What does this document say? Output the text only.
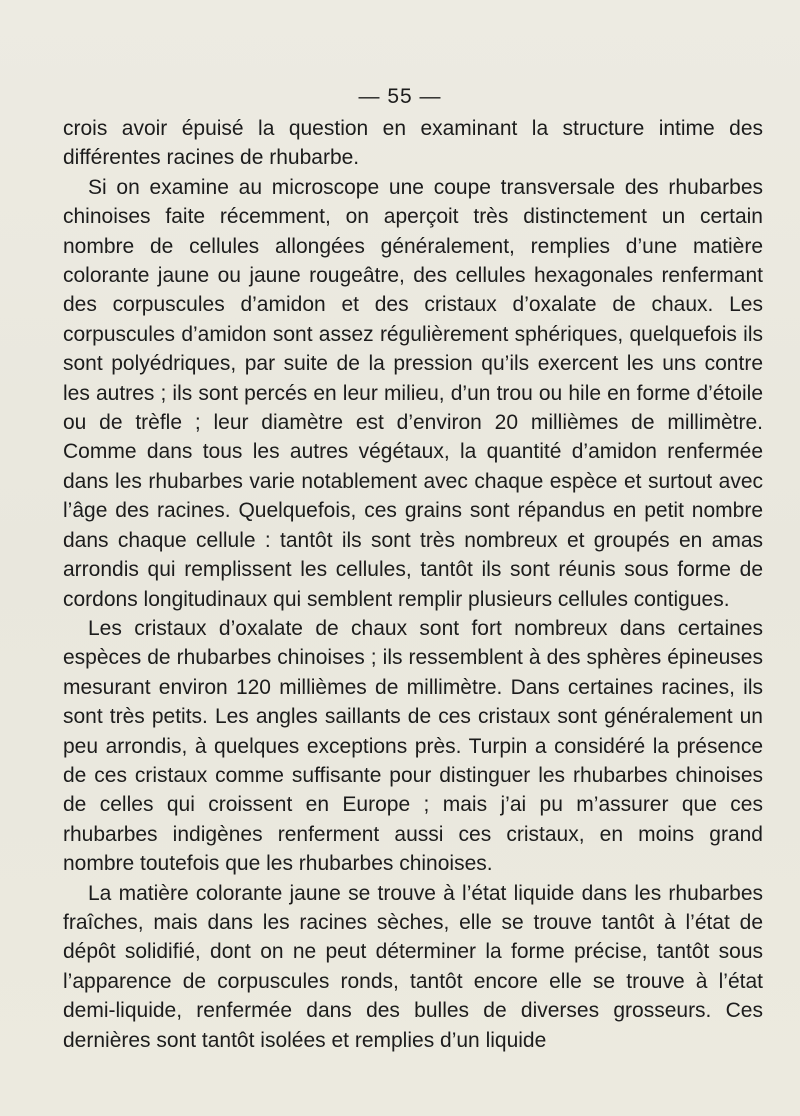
— 55 —

crois avoir épuisé la question en examinant la structure intime des différentes racines de rhubarbe.

Si on examine au microscope une coupe transversale des rhubarbes chinoises faite récemment, on aperçoit très distinctement un certain nombre de cellules allongées généralement, remplies d’une matière colorante jaune ou jaune rougeâtre, des cellules hexagonales renfermant des corpuscules d’amidon et des cristaux d’oxalate de chaux. Les corpuscules d’amidon sont assez régulièrement sphériques, quelquefois ils sont polyédriques, par suite de la pression qu’ils exercent les uns contre les autres ; ils sont percés en leur milieu, d’un trou ou hile en forme d’étoile ou de trèfle ; leur diamètre est d’environ 20 millièmes de millimètre. Comme dans tous les autres végétaux, la quantité d’amidon renfermée dans les rhubarbes varie notablement avec chaque espèce et surtout avec l’âge des racines. Quelquefois, ces grains sont répandus en petit nombre dans chaque cellule : tantôt ils sont très nombreux et groupés en amas arrondis qui remplissent les cellules, tantôt ils sont réunis sous forme de cordons longitudinaux qui semblent remplir plusieurs cellules contigues.

Les cristaux d’oxalate de chaux sont fort nombreux dans certaines espèces de rhubarbes chinoises ; ils ressemblent à des sphères épineuses mesurant environ 120 millièmes de millimètre. Dans certaines racines, ils sont très petits. Les angles saillants de ces cristaux sont généralement un peu arrondis, à quelques exceptions près. Turpin a considéré la présence de ces cristaux comme suffisante pour distinguer les rhubarbes chinoises de celles qui croissent en Europe ; mais j’ai pu m’assurer que ces rhubarbes indigènes renferment aussi ces cristaux, en moins grand nombre toutefois que les rhubarbes chinoises.

La matière colorante jaune se trouve à l’état liquide dans les rhubarbes fraîches, mais dans les racines sèches, elle se trouve tantôt à l’état de dépôt solidifié, dont on ne peut déterminer la forme précise, tantôt sous l’apparence de corpuscules ronds, tantôt encore elle se trouve à l’état demi-liquide, renfermée dans des bulles de diverses grosseurs. Ces dernières sont tantôt isolées et remplies d’un liquide
